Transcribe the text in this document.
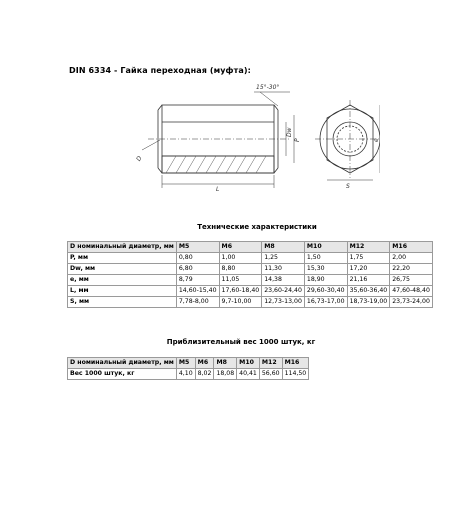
DIN 6334 - Гайка переходная (муфта):
15°-30°
D
Dw
P
L
e
S
Технические характеристики
D номинальный диаметр, мм	M5	M6	M8	M10	M12	M16
P, мм	0,80	1,00	1,25	1,50	1,75	2,00
Dw, мм	6,80	8,80	11,30	15,30	17,20	22,20
e, мм	8,79	11,05	14,38	18,90	21,16	26,75
L, мм	14,60-15,40	17,60-18,40	23,60-24,40	29,60-30,40	35,60-36,40	47,60-48,40
S, мм	7,78-8,00	9,7-10,00	12,73-13,00	16,73-17,00	18,73-19,00	23,73-24,00
Приблизительный вес 1000 штук, кг
D номинальный диаметр, мм	M5	M6	M8	M10	M12	M16
Вес 1000 штук, кг	4,10	8,02	18,08	40,41	56,60	114,50
